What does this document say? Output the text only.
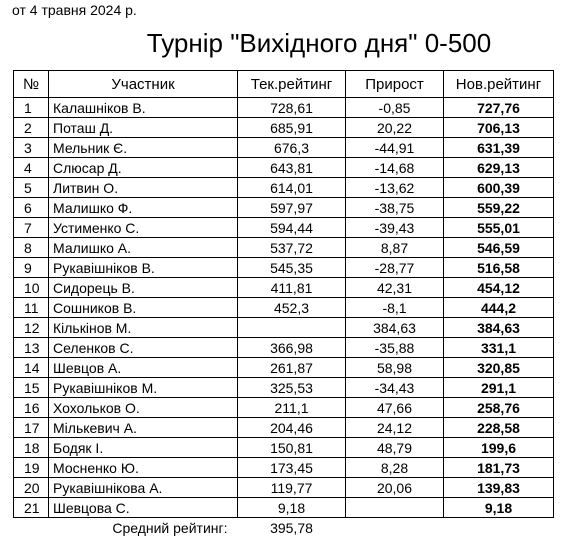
от 4 травня 2024 р.
Турнір "Вихідного дня" 0-500
№	Участник	Тек.рейтинг	Прирост	Нов.рейтинг
1	Калашніков В.	728,61	-0,85	727,76
2	Поташ Д.	685,91	20,22	706,13
3	Мельник Є.	676,3	-44,91	631,39
4	Слюсар Д.	643,81	-14,68	629,13
5	Литвин О.	614,01	-13,62	600,39
6	Малишко Ф.	597,97	-38,75	559,22
7	Устименко С.	594,44	-39,43	555,01
8	Малишко А.	537,72	8,87	546,59
9	Рукавішніков В.	545,35	-28,77	516,58
10	Сидорець В.	411,81	42,31	454,12
11	Сошников В.	452,3	-8,1	444,2
12	Кількінов М.		384,63	384,63
13	Селенков С.	366,98	-35,88	331,1
14	Шевцов А.	261,87	58,98	320,85
15	Рукавішніков М.	325,53	-34,43	291,1
16	Хохольков О.	211,1	47,66	258,76
17	Мількевич А.	204,46	24,12	228,58
18	Бодяк І.	150,81	48,79	199,6
19	Мосненко Ю.	173,45	8,28	181,73
20	Рукавішнікова А.	119,77	20,06	139,83
21	Шевцова С.	9,18		9,18
Средний рейтинг:		395,78		
